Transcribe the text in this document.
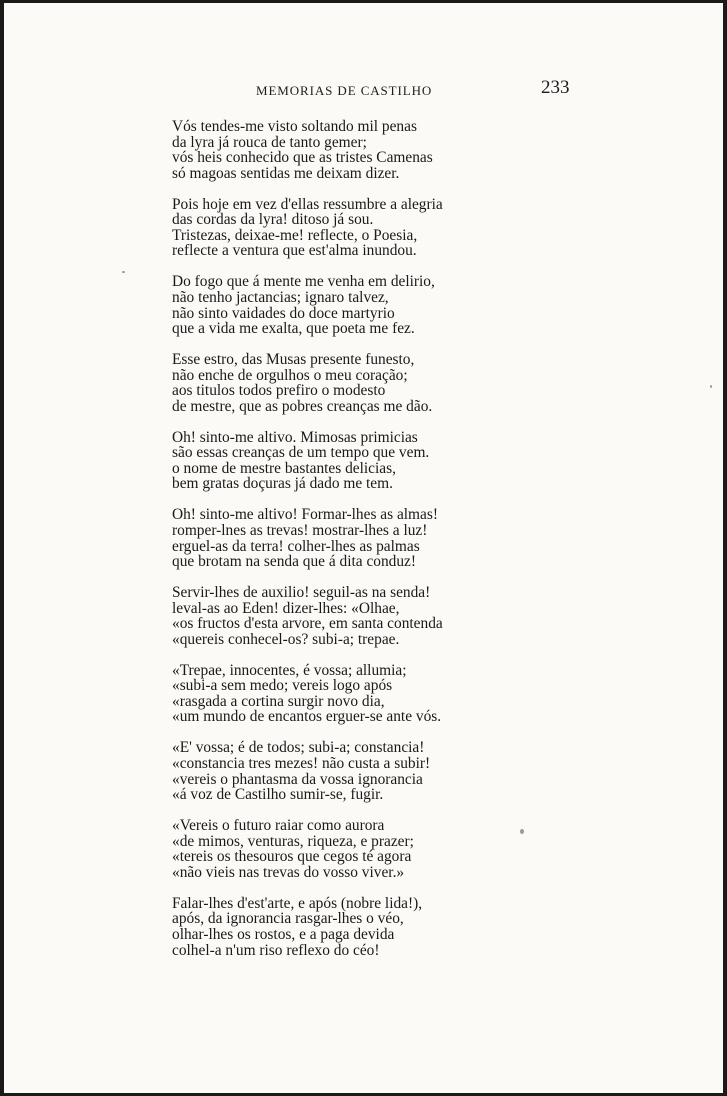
MEMORIAS DE CASTILHO	233
Vós tendes-me visto soltando mil penas
da lyra já rouca de tanto gemer;
vós heis conhecido que as tristes Camenas
só magoas sentidas me deixam dizer.
Pois hoje em vez d'ellas ressumbre a alegria
das cordas da lyra! ditoso já sou.
Tristezas, deixae-me! reflecte, o Poesia,
reflecte a ventura que est'alma inundou.
Do fogo que á mente me venha em delirio,
não tenho jactancias; ignaro talvez,
não sinto vaidades do doce martyrio
que a vida me exalta, que poeta me fez.
Esse estro, das Musas presente funesto,
não enche de orgulhos o meu coração;
aos titulos todos prefiro o modesto
de mestre, que as pobres creanças me dão.
Oh! sinto-me altivo. Mimosas primicias
são essas creanças de um tempo que vem.
o nome de mestre bastantes delicias,
bem gratas doçuras já dado me tem.
Oh! sinto-me altivo! Formar-lhes as almas!
romper-lnes as trevas! mostrar-lhes a luz!
erguel-as da terra! colher-lhes as palmas
que brotam na senda que á dita conduz!
Servir-lhes de auxilio! seguil-as na senda!
leval-as ao Eden! dizer-lhes: «Olhae,
«os fructos d'esta arvore, em santa contenda
«quereis conhecel-os? subi-a; trepae.
«Trepae, innocentes, é vossa; allumia;
«subi-a sem medo; vereis logo após
«rasgada a cortina surgir novo dia,
«um mundo de encantos erguer-se ante vós.
«E' vossa; é de todos; subi-a; constancia!
«constancia tres mezes! não custa a subir!
«vereis o phantasma da vossa ignorancia
«á voz de Castilho sumir-se, fugir.
«Vereis o futuro raiar como aurora
«de mimos, venturas, riqueza, e prazer;
«tereis os thesouros que cegos té agora
«não vieis nas trevas do vosso viver.»
Falar-lhes d'est'arte, e após (nobre lida!),
após, da ignorancia rasgar-lhes o véo,
olhar-lhes os rostos, e a paga devida
colhel-a n'um riso reflexo do céo!
